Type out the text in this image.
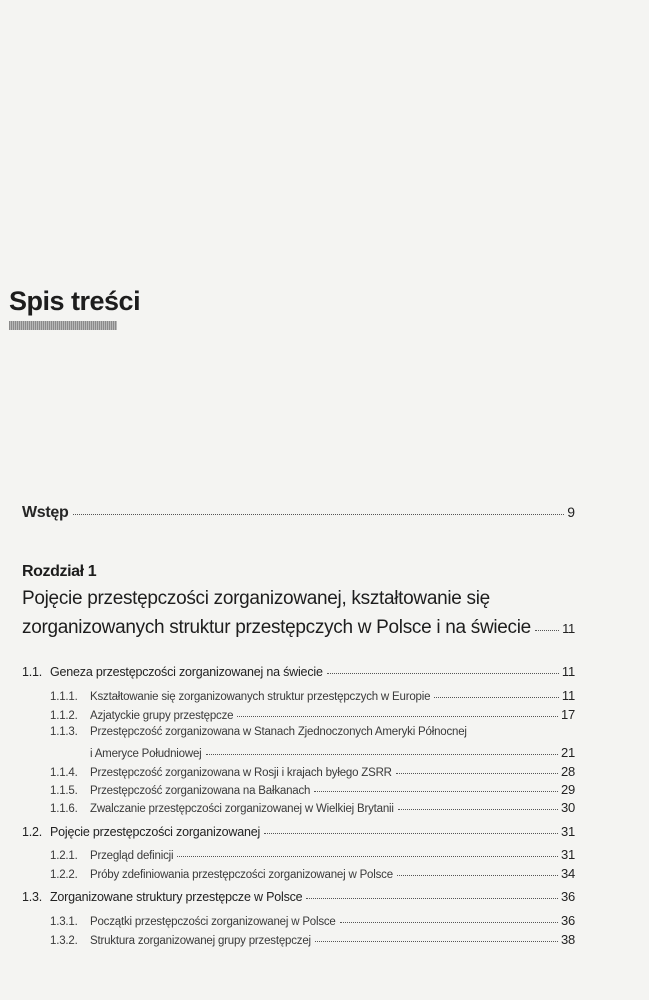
Spis treści
Wstęp	9
Rozdział 1
Pojęcie przestępczości zorganizowanej, kształtowanie się
zorganizowanych struktur przestępczych w Polsce i na świecie 11
1.1. Geneza przestępczości zorganizowanej na świecie	11
1.1.1.	Kształtowanie się zorganizowanych struktur przestępczych w Europie	11
1.1.2.	Azjatyckie grupy przestępcze	17
1.1.3. Przestępczość zorganizowana w Stanach Zjednoczonych Ameryki Północnej
i Ameryce Południowej	21
1.1.4.	Przestępczość zorganizowana w Rosji i krajach byłego ZSRR	28
1.1.5.	Przestępczość zorganizowana na Bałkanach	29
1.1.6.	Zwalczanie przestępczości zorganizowanej w Wielkiej Brytanii	30
1.2. Pojęcie przestępczości zorganizowanej	31
1.2.1.	Przegląd definicji	31
1.2.2.	Próby zdefiniowania przestępczości zorganizowanej w Polsce	34
1.3. Zorganizowane struktury przestępcze w Polsce	36
1.3.1.	Początki przestępczości zorganizowanej w Polsce	36
1.3.2.	Struktura zorganizowanej grupy przestępczej	38
